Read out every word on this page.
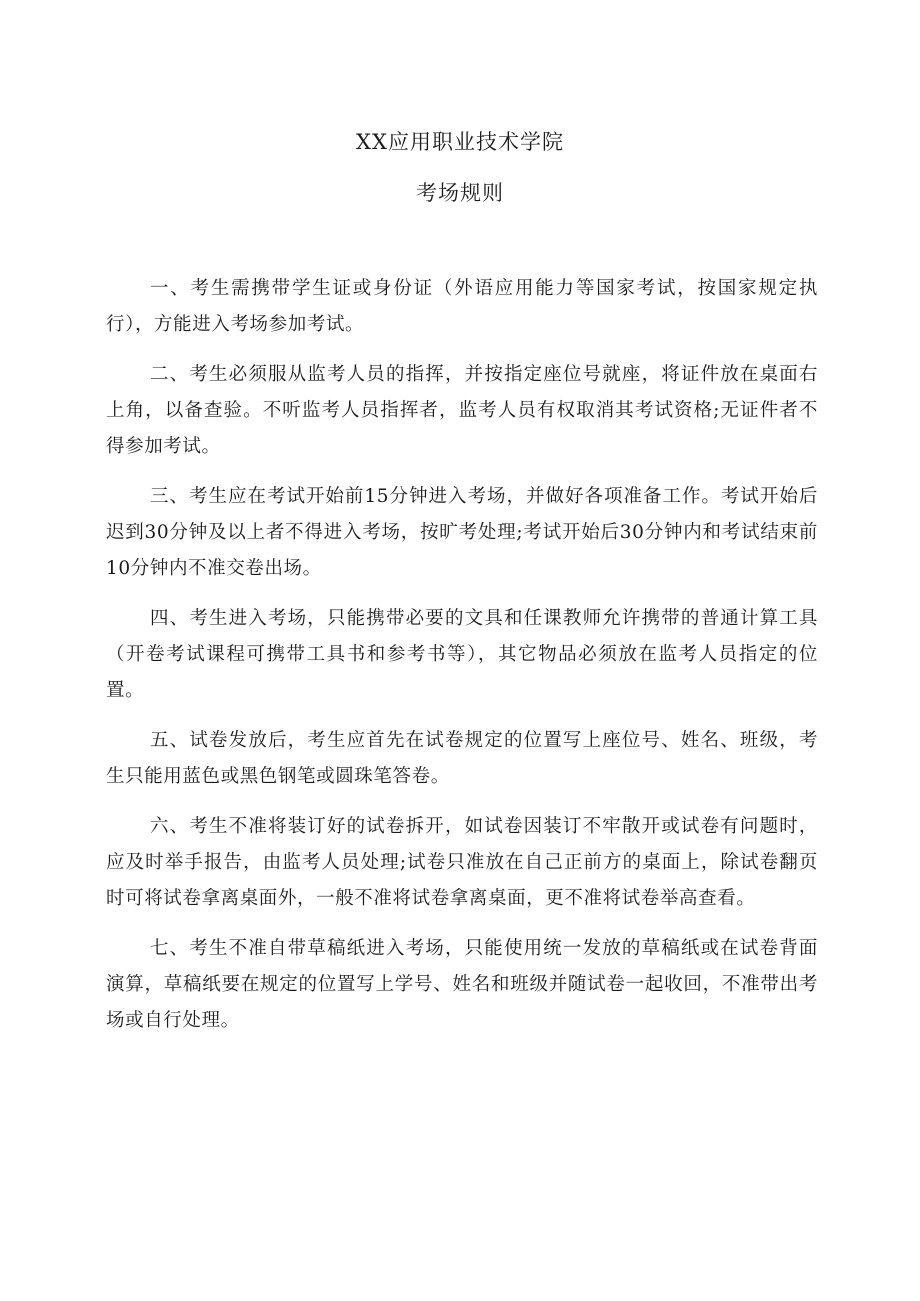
XX应用职业技术学院
考场规则

一、考生需携带学生证或身份证（外语应用能力等国家考试，按国家规定执行），方能进入考场参加考试。

二、考生必须服从监考人员的指挥，并按指定座位号就座，将证件放在桌面右上角，以备查验。不听监考人员指挥者，监考人员有权取消其考试资格;无证件者不得参加考试。

三、考生应在考试开始前15分钟进入考场，并做好各项准备工作。考试开始后迟到30分钟及以上者不得进入考场，按旷考处理;考试开始后30分钟内和考试结束前10分钟内不准交卷出场。

四、考生进入考场，只能携带必要的文具和任课教师允许携带的普通计算工具（开卷考试课程可携带工具书和参考书等），其它物品必须放在监考人员指定的位置。

五、试卷发放后，考生应首先在试卷规定的位置写上座位号、姓名、班级，考生只能用蓝色或黑色钢笔或圆珠笔答卷。

六、考生不准将装订好的试卷拆开，如试卷因装订不牢散开或试卷有问题时，应及时举手报告，由监考人员处理;试卷只准放在自己正前方的桌面上，除试卷翻页时可将试卷拿离桌面外，一般不准将试卷拿离桌面，更不准将试卷举高查看。

七、考生不准自带草稿纸进入考场，只能使用统一发放的草稿纸或在试卷背面演算，草稿纸要在规定的位置写上学号、姓名和班级并随试卷一起收回，不准带出考场或自行处理。
